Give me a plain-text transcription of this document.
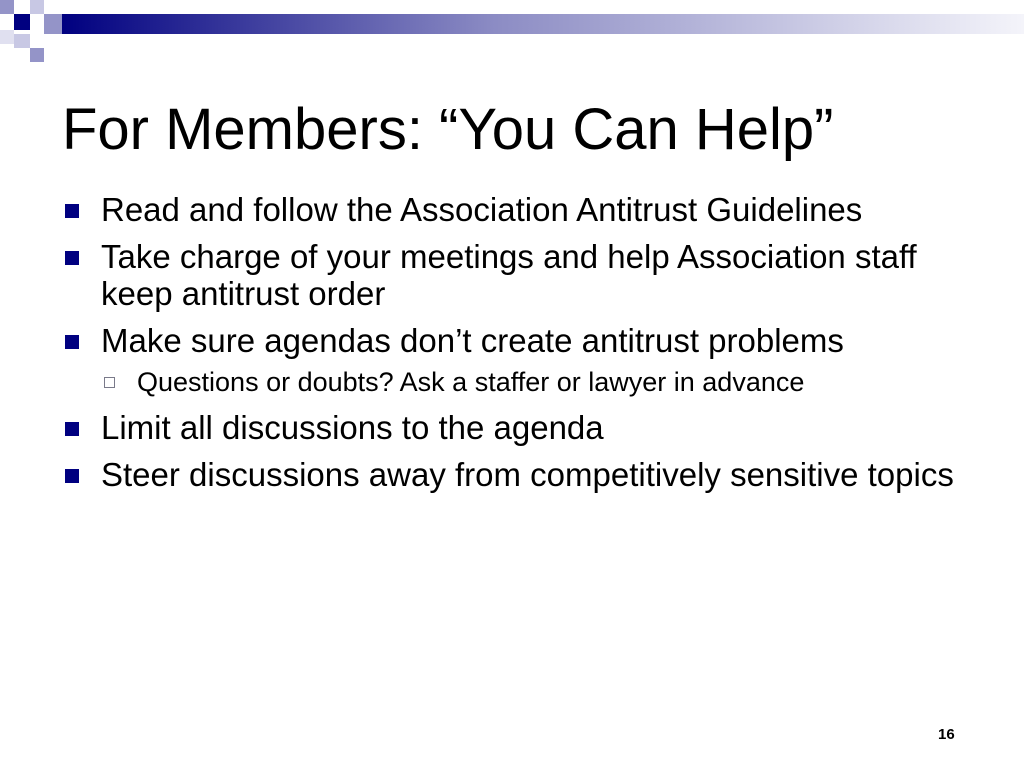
For Members: “You Can Help”
Read and follow the Association Antitrust Guidelines
Take charge of your meetings and help Association staff keep antitrust order
Make sure agendas don’t create antitrust problems
Questions or doubts? Ask a staffer or lawyer in advance
Limit all discussions to the agenda
Steer discussions away from competitively sensitive topics
16
